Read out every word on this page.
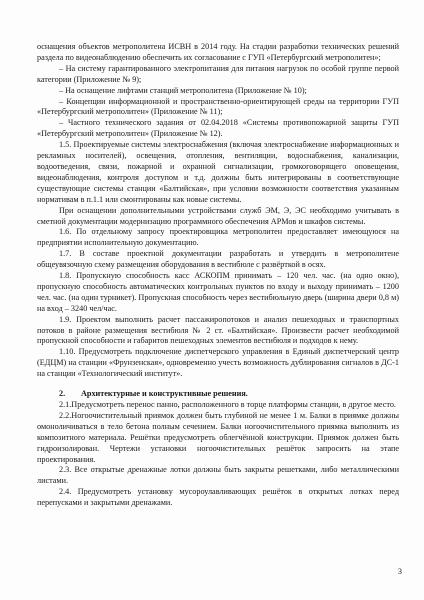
оснащения объектов метрополитена ИСВН в 2014 году. На стадии разработки технических решений раздела по видеонаблюдению обеспечить их согласование с ГУП «Петербургский метрополитен»;

– На систему гарантированного электропитания для питания нагрузок по особой группе первой категории (Приложение № 9);

– На оснащение лифтами станций метрополитена (Приложение № 10);

– Концепции информационной и пространственно-ориентирующей среды на территории ГУП «Петербургский метрополитен» (Приложение № 11);

– Частного технического задания от 02.04.2018 «Системы противопожарной защиты ГУП «Петербургский метрополитен» (Приложение № 12).

1.5. Проектируемые системы электроснабжения (включая электроснабжение информационных и рекламных носителей), освещения, отопления, вентиляции, водоснабжения, канализации, водоотведения, связи, пожарной и охранной сигнализации, громкоговорящего оповещения, видеонаблюдения, контроля доступом и т.д. должны быть интегрированы в соответствующие существующие системы станции «Балтийская», при условии возможности соответствия указанным нормативам в п.1.1 или смонтированы как новые системы.

При оснащении дополнительными устройствами служб ЭМ, Э, ЭС необходимо учитывать в сметной документации модернизацию программного обеспечения АРМов и шкафов системы.

1.6. По отдельному запросу проектировщика метрополитен предоставляет имеющуюся на предприятии исполнительную документацию.

1.7. В составе проектной документации разработать и утвердить в метрополитене общеувязочную схему размещения оборудования в вестибюле с развёрткой в осях.

1.8. Пропускную способность касс АСКОПМ принимать – 120 чел. час. (на одно окно), пропускную способность автоматических контрольных пунктов по входу и выходу принимать – 1200 чел. час. (на один турникет). Пропускная способность через вестибюльную дверь (ширина двери 0,8 м) на вход – 3240 чел/час.

1.9. Проектом выполнить расчет пассажиропотоков и анализ пешеходных и транспортных потоков в районе размещения вестибюля № 2 ст. «Балтийская». Произвести расчет необходимой пропускной способности и габаритов пешеходных элементов вестибюля и подходов к нему.

1.10. Предусмотреть подключение диспетчерского управления в Единый диспетчерский центр (ЕДЦМ) на станции «Фрунзенская», одновременно учесть возможность дублирования сигналов в ДС-1 на станции «Технологический институт».

2. Архитектурные и конструктивные решения.

2.1.Предусмотреть перенос панно, расположенного в торце платформы станции, в другое место.

2.2.Ногоочистительный приямок должен быть глубиной не менее 1 м. Балки в приямке должны омоноличиваться в тело бетона полным сечением. Балки ногоочистительного приямка выполнить из композитного материала. Решётки предусмотреть облегчённой конструкции. Приямок должен быть гидроизолирован. Чертежи установки ногоочистительных решёток запросить на этапе проектирования.

2.3. Все открытые дренажные лотки должны быть закрыты решетками, либо металлическими листами.

2.4. Предусмотреть установку мусороулавливающих решёток в открытых лотках перед перепусками и закрытыми дренажами.

3
